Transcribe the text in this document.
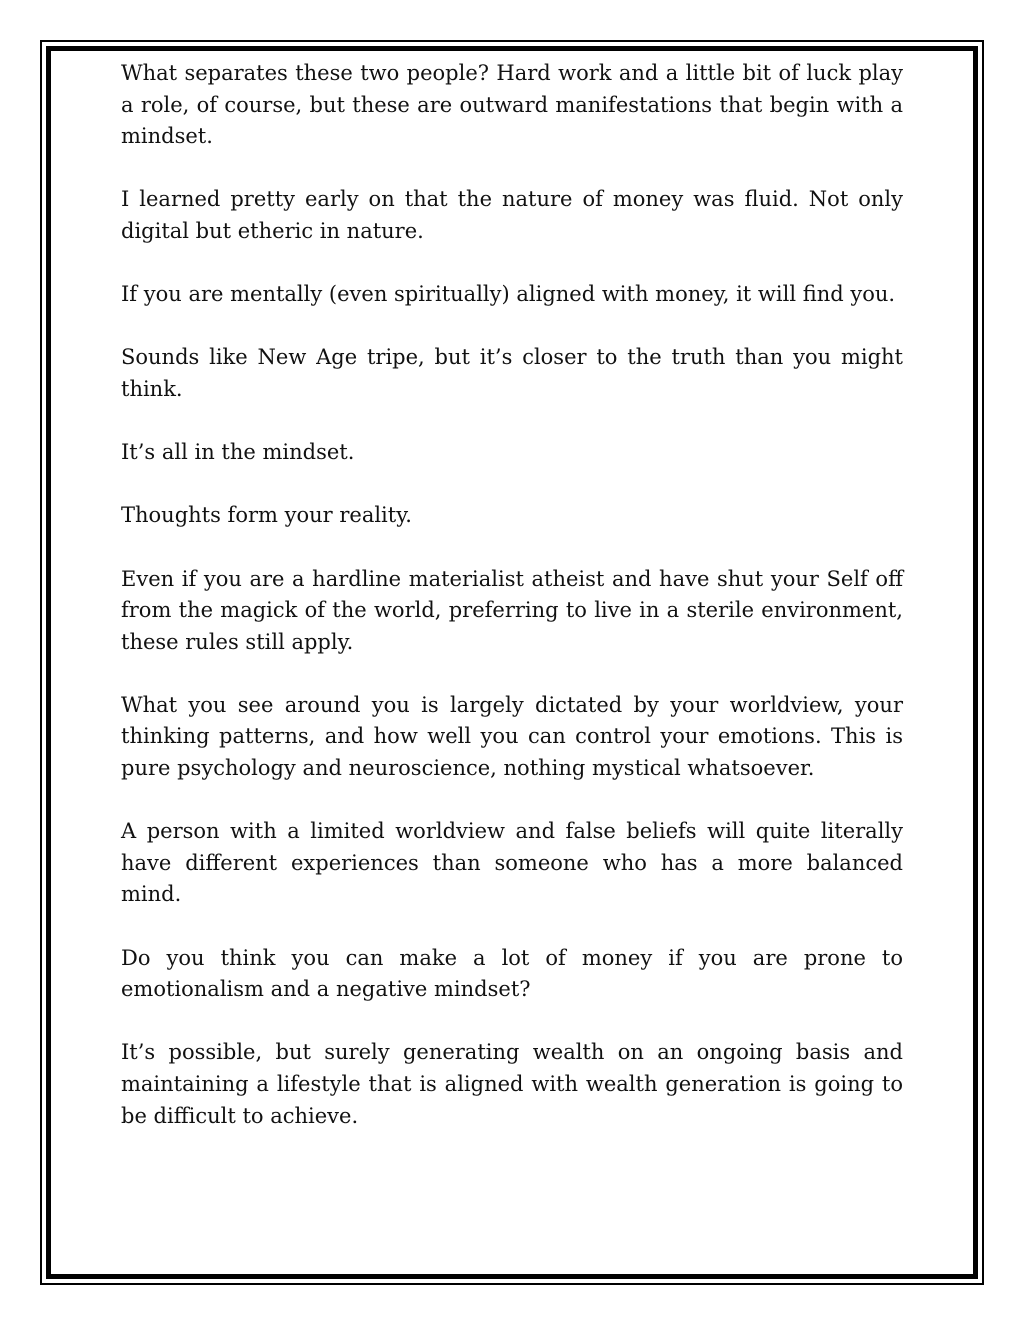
What separates these two people? Hard work and a little bit of luck play a role, of course, but these are outward manifestations that begin with a mindset.

I learned pretty early on that the nature of money was fluid. Not only digital but etheric in nature.

If you are mentally (even spiritually) aligned with money, it will find you.

Sounds like New Age tripe, but it’s closer to the truth than you might think.

It’s all in the mindset.

Thoughts form your reality.

Even if you are a hardline materialist atheist and have shut your Self off from the magick of the world, preferring to live in a sterile environment, these rules still apply.

What you see around you is largely dictated by your worldview, your thinking patterns, and how well you can control your emotions. This is pure psychology and neuroscience, nothing mystical whatsoever.

A person with a limited worldview and false beliefs will quite literally have different experiences than someone who has a more balanced mind.

Do you think you can make a lot of money if you are prone to emotionalism and a negative mindset?

It’s possible, but surely generating wealth on an ongoing basis and maintaining a lifestyle that is aligned with wealth generation is going to be difficult to achieve.
